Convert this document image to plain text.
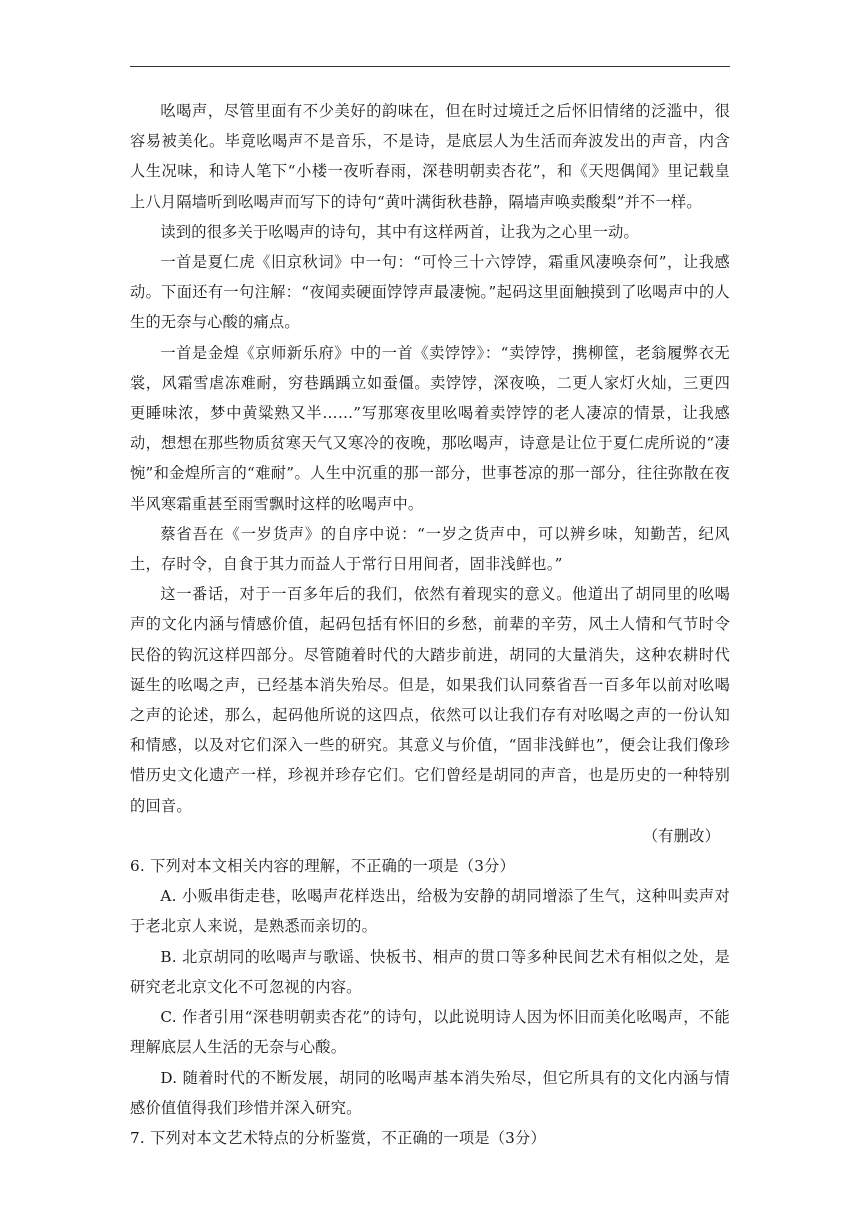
吆喝声，尽管里面有不少美好的韵味在，但在时过境迁之后怀旧情绪的泛滥中，很容易被美化。毕竟吆喝声不是音乐，不是诗，是底层人为生活而奔波发出的声音，内含人生况味，和诗人笔下“小楼一夜听春雨，深巷明朝卖杏花”，和《天咫偶闻》里记载皇上八月隔墙听到吆喝声而写下的诗句“黄叶满街秋巷静，隔墙声唤卖酸梨”并不一样。

读到的很多关于吆喝声的诗句，其中有这样两首，让我为之心里一动。

一首是夏仁虎《旧京秋词》中一句：“可怜三十六饽饽，霜重风凄唤奈何”，让我感动。下面还有一句注解：“夜闻卖硬面饽饽声最凄惋。”起码这里面触摸到了吆喝声中的人生的无奈与心酸的痛点。

一首是金煌《京师新乐府》中的一首《卖饽饽》：“卖饽饽，携柳筐，老翁履弊衣无裳，风霜雪虐冻难耐，穷巷踽踽立如蚕僵。卖饽饽，深夜唤，二更人家灯火灿，三更四更睡味浓，梦中黄粱熟又半……”写那寒夜里吆喝着卖饽饽的老人凄凉的情景，让我感动，想想在那些物质贫寒天气又寒冷的夜晚，那吆喝声，诗意是让位于夏仁虎所说的“凄惋”和金煌所言的“难耐”。人生中沉重的那一部分，世事苍凉的那一部分，往往弥散在夜半风寒霜重甚至雨雪飘时这样的吆喝声中。

蔡省吾在《一岁货声》的自序中说：“一岁之货声中，可以辨乡味，知勤苦，纪风土，存时令，自食于其力而益人于常行日用间者，固非浅鲜也。”

这一番话，对于一百多年后的我们，依然有着现实的意义。他道出了胡同里的吆喝声的文化内涵与情感价值，起码包括有怀旧的乡愁，前辈的辛劳，风土人情和气节时令民俗的钩沉这样四部分。尽管随着时代的大踏步前进，胡同的大量消失，这种农耕时代诞生的吆喝之声，已经基本消失殆尽。但是，如果我们认同蔡省吾一百多年以前对吆喝之声的论述，那么，起码他所说的这四点，依然可以让我们存有对吆喝之声的一份认知和情感，以及对它们深入一些的研究。其意义与价值，“固非浅鲜也”，便会让我们像珍惜历史文化遗产一样，珍视并珍存它们。它们曾经是胡同的声音，也是历史的一种特别的回音。

（有删改）

6. 下列对本文相关内容的理解，不正确的一项是（3分）

A. 小贩串街走巷，吆喝声花样迭出，给极为安静的胡同增添了生气，这种叫卖声对于老北京人来说，是熟悉而亲切的。

B. 北京胡同的吆喝声与歌谣、快板书、相声的贯口等多种民间艺术有相似之处，是研究老北京文化不可忽视的内容。

C. 作者引用“深巷明朝卖杏花”的诗句，以此说明诗人因为怀旧而美化吆喝声，不能理解底层人生活的无奈与心酸。

D. 随着时代的不断发展，胡同的吆喝声基本消失殆尽，但它所具有的文化内涵与情感价值值得我们珍惜并深入研究。

7. 下列对本文艺术特点的分析鉴赏，不正确的一项是（3分）
